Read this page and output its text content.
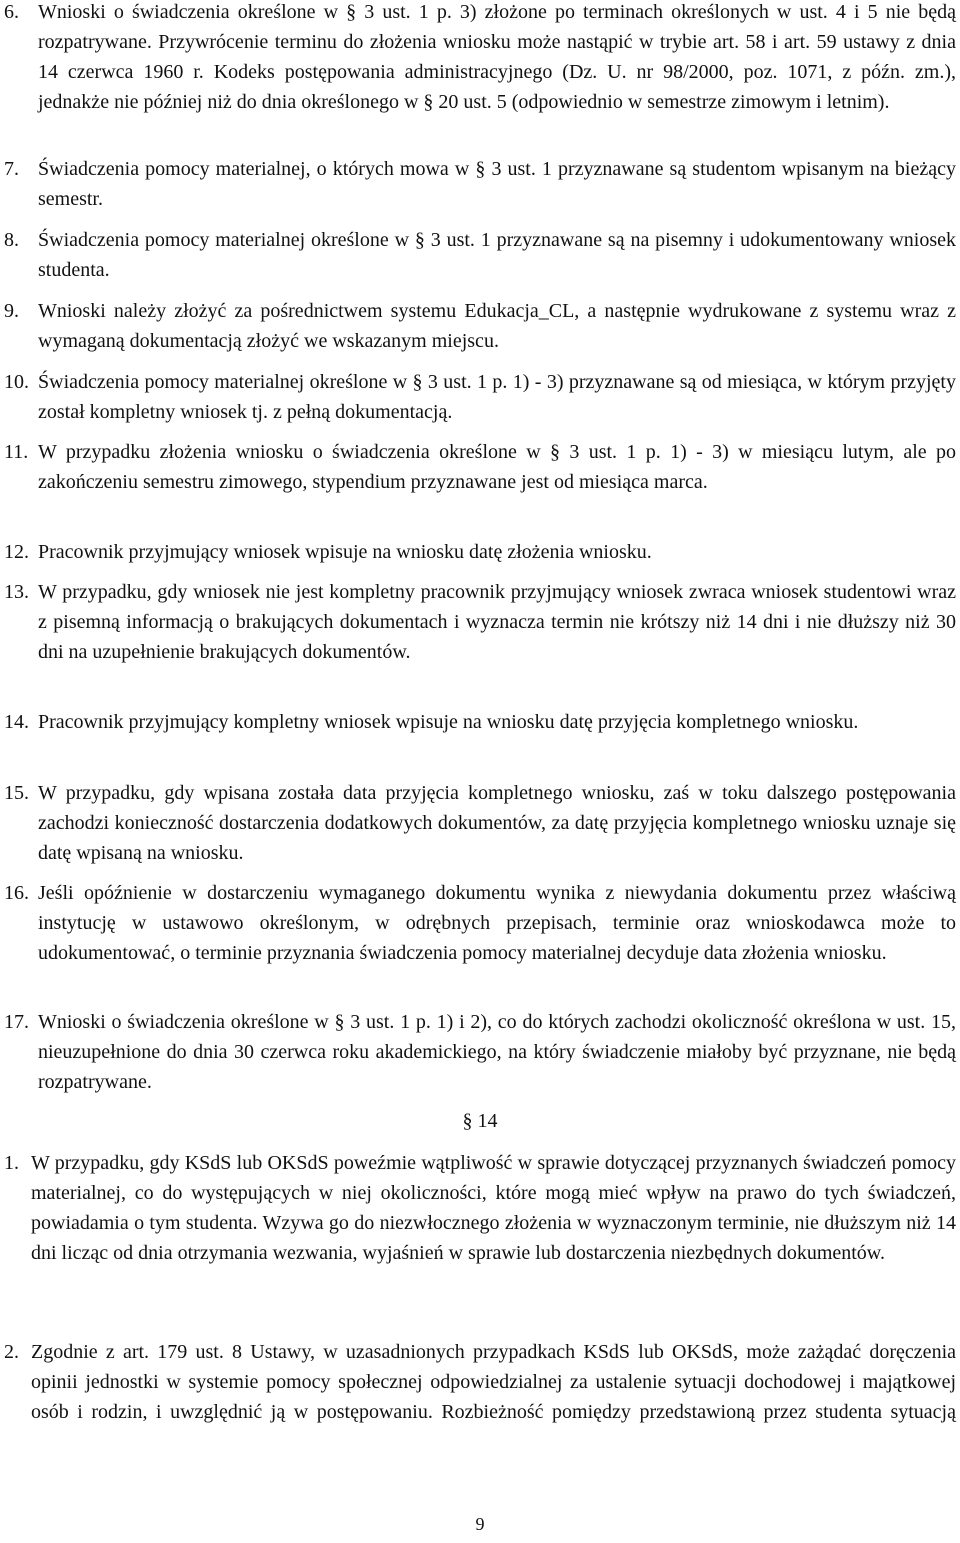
6. Wnioski o świadczenia określone w § 3 ust. 1 p. 3) złożone po terminach określonych w ust. 4 i 5 nie będą rozpatrywane. Przywrócenie terminu do złożenia wniosku może nastąpić w trybie art. 58 i art. 59 ustawy z dnia 14 czerwca 1960 r. Kodeks postępowania administracyjnego (Dz. U. nr 98/2000, poz. 1071, z późn. zm.), jednakże nie później niż do dnia określonego w § 20 ust. 5 (odpowiednio w semestrze zimowym i letnim).
7. Świadczenia pomocy materialnej, o których mowa w § 3 ust. 1 przyznawane są studentom wpisanym na bieżący semestr.
8. Świadczenia pomocy materialnej określone w § 3 ust. 1 przyznawane są na pisemny i udokumentowany wniosek studenta.
9. Wnioski należy złożyć za pośrednictwem systemu Edukacja_CL, a następnie wydrukowane z systemu wraz z wymaganą dokumentacją złożyć we wskazanym miejscu.
10. Świadczenia pomocy materialnej określone w § 3 ust. 1 p. 1) - 3) przyznawane są od miesiąca, w którym przyjęty został kompletny wniosek tj. z pełną dokumentacją.
11. W przypadku złożenia wniosku o świadczenia określone w § 3 ust. 1 p. 1) - 3) w miesiącu lutym, ale po zakończeniu semestru zimowego, stypendium przyznawane jest od miesiąca marca.
12. Pracownik przyjmujący wniosek wpisuje na wniosku datę złożenia wniosku.
13. W przypadku, gdy wniosek nie jest kompletny pracownik przyjmujący wniosek zwraca wniosek studentowi wraz z pisemną informacją o brakujących dokumentach i wyznacza termin nie krótszy niż 14 dni i nie dłuższy niż 30 dni na uzupełnienie brakujących dokumentów.
14. Pracownik przyjmujący kompletny wniosek wpisuje na wniosku datę przyjęcia kompletnego wniosku.
15. W przypadku, gdy wpisana została data przyjęcia kompletnego wniosku, zaś w toku dalszego postępowania zachodzi konieczność dostarczenia dodatkowych dokumentów, za datę przyjęcia kompletnego wniosku uznaje się datę wpisaną na wniosku.
16. Jeśli opóźnienie w dostarczeniu wymaganego dokumentu wynika z niewydania dokumentu przez właściwą instytucję w ustawowo określonym, w odrębnych przepisach, terminie oraz wnioskodawca może to udokumentować, o terminie przyznania świadczenia pomocy materialnej decyduje data złożenia wniosku.
17. Wnioski o świadczenia określone w § 3 ust. 1 p. 1) i 2), co do których zachodzi okoliczność określona w ust. 15, nieuzupełnione do dnia 30 czerwca roku akademickiego, na który świadczenie miałoby być przyznane, nie będą rozpatrywane.
§ 14
1. W przypadku, gdy KSdS lub OKSdS poweźmie wątpliwość w sprawie dotyczącej przyznanych świadczeń pomocy materialnej, co do występujących w niej okoliczności, które mogą mieć wpływ na prawo do tych świadczeń, powiadamia o tym studenta. Wzywa go do niezwłocznego złożenia w wyznaczonym terminie, nie dłuższym niż 14 dni licząc od dnia otrzymania wezwania, wyjaśnień w sprawie lub dostarczenia niezbędnych dokumentów.
2. Zgodnie z art. 179 ust. 8 Ustawy, w uzasadnionych przypadkach KSdS lub OKSdS, może zażądać doręczenia opinii jednostki w systemie pomocy społecznej odpowiedzialnej za ustalenie sytuacji dochodowej i majątkowej osób i rodzin, i uwzględnić ją w postępowaniu. Rozbieżność pomiędzy przedstawioną przez studenta sytuacją
9
